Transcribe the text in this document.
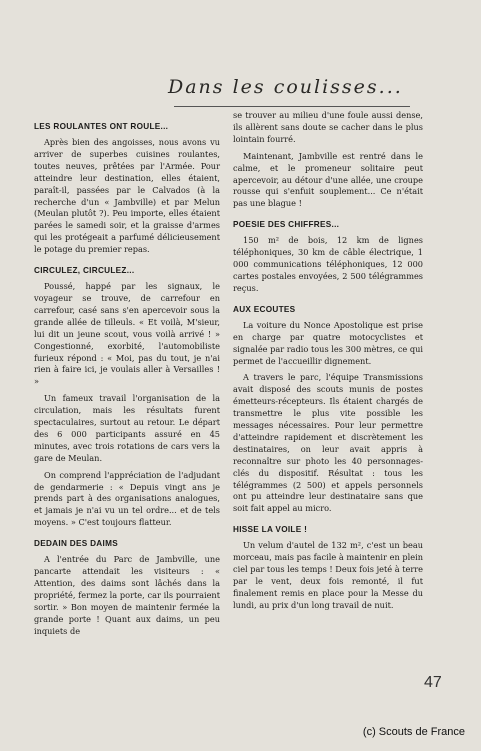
Dans les coulisses...
LES ROULANTES ONT ROULE...

Après bien des angoisses, nous avons vu arriver de superbes cuisines roulantes, toutes neuves, prêtées par l'Armée. Pour atteindre leur destination, elles étaient, paraît-il, passées par le Calvados (à la recherche d'un « Jambville) et par Melun (Meulan plutôt ?). Peu importe, elles étaient parées le samedi soir, et la graisse d'armes qui les protégeait a parfumé délicieusement le potage du premier repas.

CIRCULEZ, CIRCULEZ...

Poussé, happé par les signaux, le voyageur se trouve, de carrefour en carrefour, casé sans s'en apercevoir sous la grande allée de tilleuls. « Et voilà, M'sieur, lui dit un jeune scout, vous voilà arrivé ! » Congestionné, exorbité, l'automobiliste furieux répond : « Moi, pas du tout, je n'ai rien à faire ici, je voulais aller à Versailles ! »

Un fameux travail l'organisation de la circulation, mais les résultats furent spectaculaires, surtout au retour. Le départ des 6 000 participants assuré en 45 minutes, avec trois rotations de cars vers la gare de Meulan.

On comprend l'appréciation de l'adjudant de gendarmerie : « Depuis vingt ans je prends part à des organisations analogues, et jamais je n'ai vu un tel ordre... et de tels moyens. » C'est toujours flatteur.

DEDAIN DES DAIMS

A l'entrée du Parc de Jambville, une pancarte attendait les visiteurs : « Attention, des daims sont lâchés dans la propriété, fermez la porte, car ils pourraient sortir. » Bon moyen de maintenir fermée la grande porte ! Quant aux daims, un peu inquiets de

se trouver au milieu d'une foule aussi dense, ils allèrent sans doute se cacher dans le plus lointain fourré.

Maintenant, Jambville est rentré dans le calme, et le promeneur solitaire peut apercevoir, au détour d'une allée, une croupe rousse qui s'enfuit souplement... Ce n'était pas une blague !

POESIE DES CHIFFRES...

150 m² de bois, 12 km de lignes téléphoniques, 30 km de câble électrique, 1 000 communications téléphoniques, 12 000 cartes postales envoyées, 2 500 télégrammes reçus.

AUX ECOUTES

La voiture du Nonce Apostolique est prise en charge par quatre motocyclistes et signalée par radio tous les 300 mètres, ce qui permet de l'accueillir dignement.

A travers le parc, l'équipe Transmissions avait disposé des scouts munis de postes émetteurs-récepteurs. Ils étaient chargés de transmettre le plus vite possible les messages nécessaires. Pour leur permettre d'atteindre rapidement et discrètement les destinataires, on leur avait appris à reconnaître sur photo les 40 personnages-clés du dispositif. Résultat : tous les télégrammes (2 500) et appels personnels ont pu atteindre leur destinataire sans que soit fait appel au micro.

HISSE LA VOILE !

Un velum d'autel de 132 m², c'est un beau morceau, mais pas facile à maintenir en plein ciel par tous les temps ! Deux fois jeté à terre par le vent, deux fois remonté, il fut finalement remis en place pour la Messe du lundi, au prix d'un long travail de nuit.

47
(c) Scouts de France
